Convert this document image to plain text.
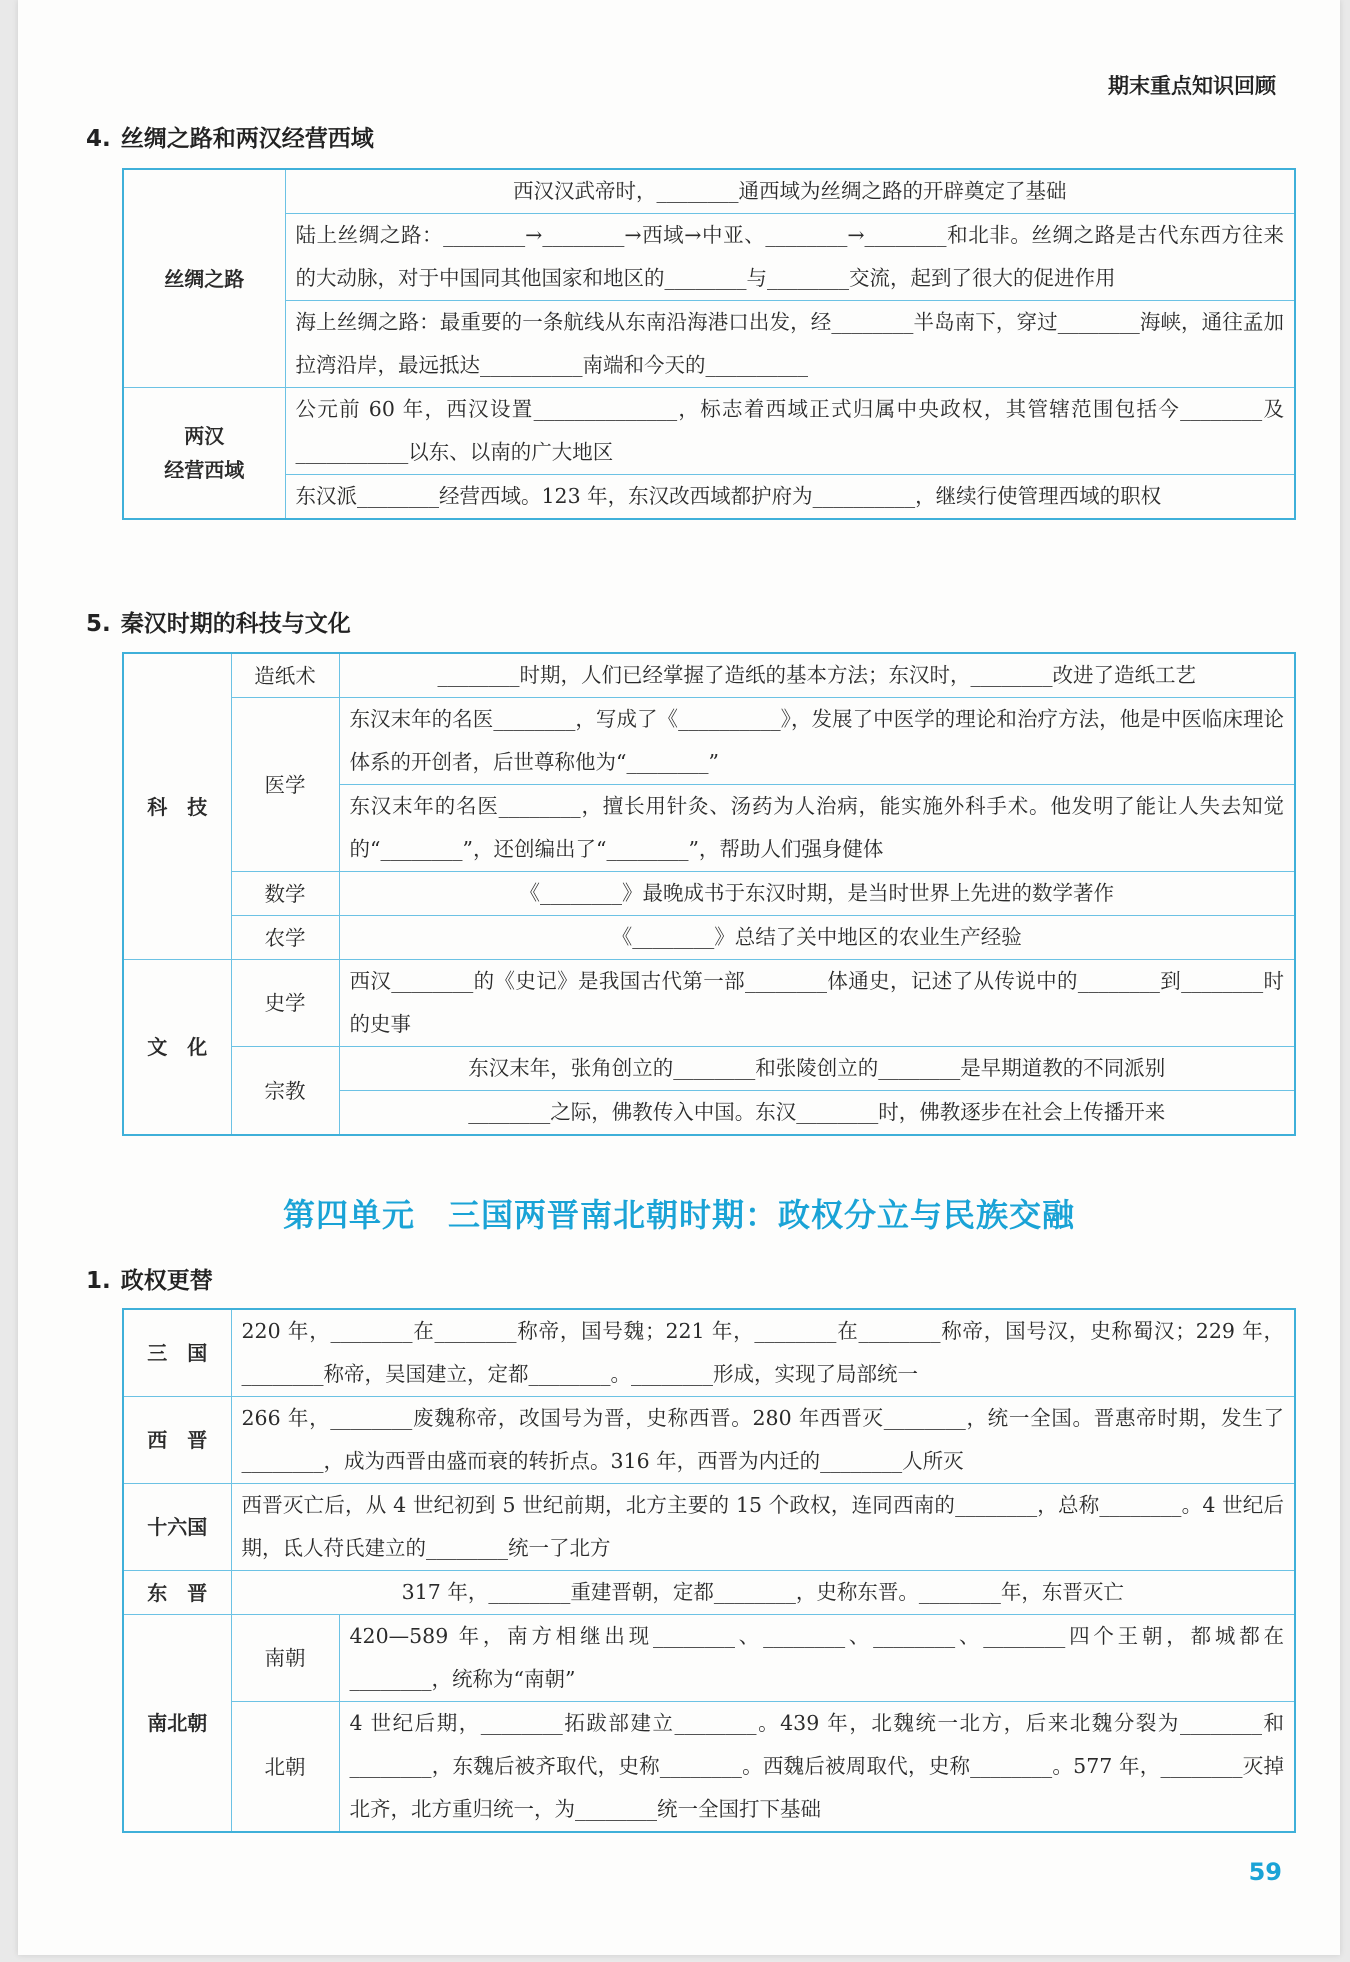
期末重点知识回顾
4. 丝绸之路和两汉经营西域
丝绸之路	西汉汉武帝时，________通西域为丝绸之路的开辟奠定了基础
	陆上丝绸之路：________→________→西域→中亚、________→________和北非。丝绸之路是古代东西方往来的大动脉，对于中国同其他国家和地区的________与________交流，起到了很大的促进作用
	海上丝绸之路：最重要的一条航线从东南沿海港口出发，经________半岛南下，穿过________海峡，通往孟加拉湾沿岸，最远抵达__________南端和今天的__________
两汉
经营西域	公元前 60 年，西汉设置______________，标志着西域正式归属中央政权，其管辖范围包括今________及___________以东、以南的广大地区
	东汉派________经营西域。123 年，东汉改西域都护府为__________，继续行使管理西域的职权
5. 秦汉时期的科技与文化
科　技	造纸术	________时期，人们已经掌握了造纸的基本方法；东汉时，________改进了造纸工艺
	医学	东汉末年的名医________，写成了《__________》，发展了中医学的理论和治疗方法，他是中医临床理论体系的开创者，后世尊称他为“________”
		东汉末年的名医________，擅长用针灸、汤药为人治病，能实施外科手术。他发明了能让人失去知觉的“________”，还创编出了“________”，帮助人们强身健体
	数学	《________》最晚成书于东汉时期，是当时世界上先进的数学著作
	农学	《________》总结了关中地区的农业生产经验
文　化	史学	西汉________的《史记》是我国古代第一部________体通史，记述了从传说中的________到________时的史事
	宗教	东汉末年，张角创立的________和张陵创立的________是早期道教的不同派别
		________之际，佛教传入中国。东汉________时，佛教逐步在社会上传播开来
第四单元　三国两晋南北朝时期：政权分立与民族交融
1. 政权更替
三　国	220 年，________在________称帝，国号魏；221 年，________在________称帝，国号汉，史称蜀汉；229 年，________称帝，吴国建立，定都________。________形成，实现了局部统一	
西　晋	266 年，________废魏称帝，改国号为晋，史称西晋。280 年西晋灭________，统一全国。晋惠帝时期，发生了________，成为西晋由盛而衰的转折点。316 年，西晋为内迁的________人所灭	
十六国	西晋灭亡后，从 4 世纪初到 5 世纪前期，北方主要的 15 个政权，连同西南的________，总称________。4 世纪后期，氐人苻氏建立的________统一了北方	
东　晋	317 年，________重建晋朝，定都________，史称东晋。________年，东晋灭亡	
南北朝	南朝	420—589 年，南方相继出现________、________、________、________四个王朝，都城都在________，统称为“南朝”
	北朝	4 世纪后期，________拓跋部建立________。439 年，北魏统一北方，后来北魏分裂为________和________，东魏后被齐取代，史称________。西魏后被周取代，史称________。577 年，________灭掉北齐，北方重归统一，为________统一全国打下基础
59
